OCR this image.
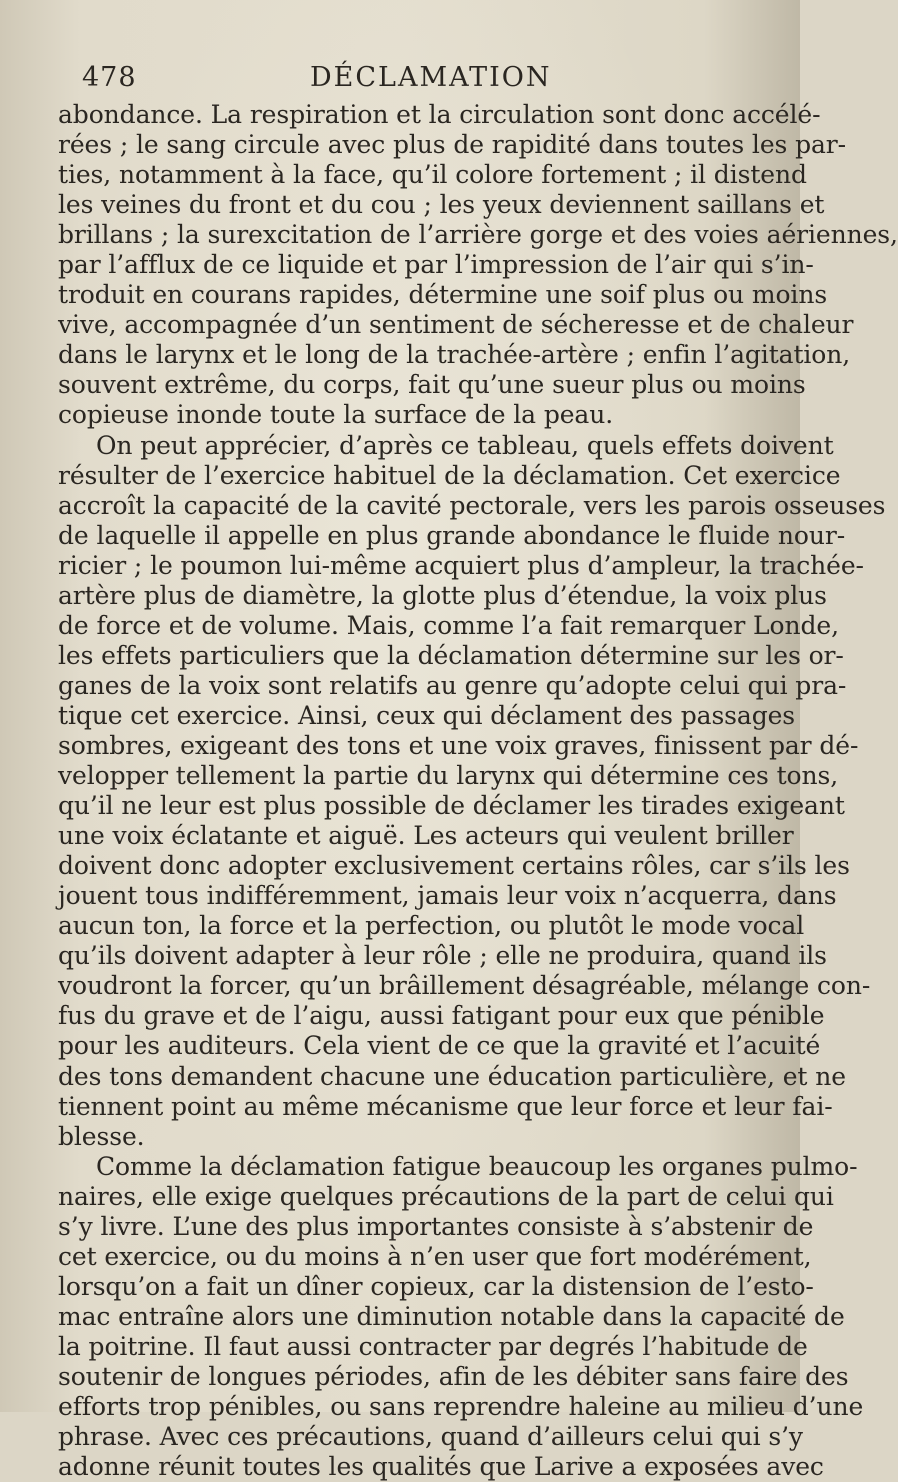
478	DÉCLAMATION
abondance. La respiration et la circulation sont donc accélé-
rées ; le sang circule avec plus de rapidité dans toutes les par-
ties, notamment à la face, qu’il colore fortement ; il distend
les veines du front et du cou ; les yeux deviennent saillans et
brillans ; la surexcitation de l’arrière gorge et des voies aériennes,
par l’afflux de ce liquide et par l’impression de l’air qui s’in-
troduit en courans rapides, détermine une soif plus ou moins
vive, accompagnée d’un sentiment de sécheresse et de chaleur
dans le larynx et le long de la trachée-artère ; enfin l’agitation,
souvent extrême, du corps, fait qu’une sueur plus ou moins
copieuse inonde toute la surface de la peau.
On peut apprécier, d’après ce tableau, quels effets doivent
résulter de l’exercice habituel de la déclamation. Cet exercice
accroît la capacité de la cavité pectorale, vers les parois osseuses
de laquelle il appelle en plus grande abondance le fluide nour-
ricier ; le poumon lui-même acquiert plus d’ampleur, la trachée-
artère plus de diamètre, la glotte plus d’étendue, la voix plus
de force et de volume. Mais, comme l’a fait remarquer Londe,
les effets particuliers que la déclamation détermine sur les or-
ganes de la voix sont relatifs au genre qu’adopte celui qui pra-
tique cet exercice. Ainsi, ceux qui déclament des passages
sombres, exigeant des tons et une voix graves, finissent par dé-
velopper tellement la partie du larynx qui détermine ces tons,
qu’il ne leur est plus possible de déclamer les tirades exigeant
une voix éclatante et aiguë. Les acteurs qui veulent briller
doivent donc adopter exclusivement certains rôles, car s’ils les
jouent tous indifféremment, jamais leur voix n’acquerra, dans
aucun ton, la force et la perfection, ou plutôt le mode vocal
qu’ils doivent adapter à leur rôle ; elle ne produira, quand ils
voudront la forcer, qu’un brâillement désagréable, mélange con-
fus du grave et de l’aigu, aussi fatigant pour eux que pénible
pour les auditeurs. Cela vient de ce que la gravité et l’acuité
des tons demandent chacune une éducation particulière, et ne
tiennent point au même mécanisme que leur force et leur fai-
blesse.
Comme la déclamation fatigue beaucoup les organes pulmo-
naires, elle exige quelques précautions de la part de celui qui
s’y livre. L’une des plus importantes consiste à s’abstenir de
cet exercice, ou du moins à n’en user que fort modérément,
lorsqu’on a fait un dîner copieux, car la distension de l’esto-
mac entraîne alors une diminution notable dans la capacité de
la poitrine. Il faut aussi contracter par degrés l’habitude de
soutenir de longues périodes, afin de les débiter sans faire des
efforts trop pénibles, ou sans reprendre haleine au milieu d’une
phrase. Avec ces précautions, quand d’ailleurs celui qui s’y
adonne réunit toutes les qualités que Larive a exposées avec
